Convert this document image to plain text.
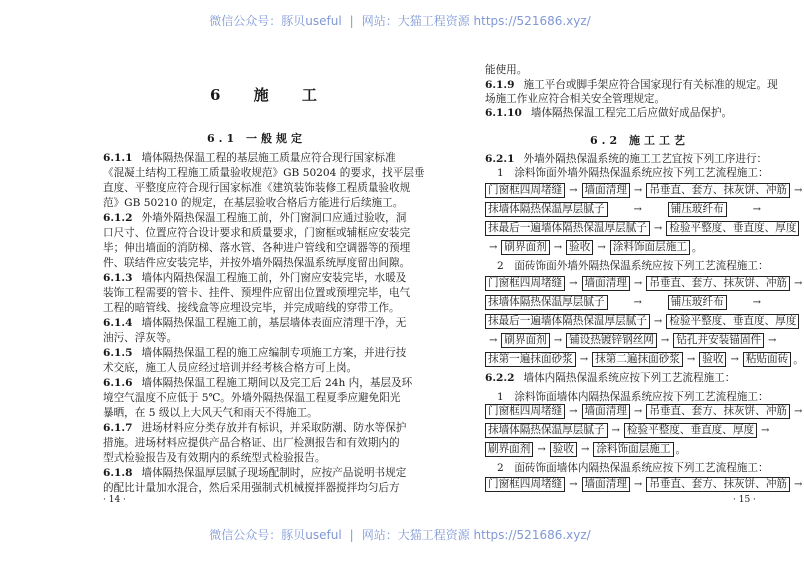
微信公众号：豚贝useful | 网站：大猫工程资源 https://521686.xyz/
微信公众号：豚贝useful | 网站：大猫工程资源 https://521686.xyz/
6 施 工
6.1 一般规定
6.1.1 墙体隔热保温工程的基层施工质量应符合现行国家标准
《混凝土结构工程施工质量验收规范》GB 50204 的要求，找平层垂
直度、平整度应符合现行国家标准《建筑装饰装修工程质量验收规
范》GB 50210 的规定，在基层验收合格后方能进行后续施工。
6.1.2 外墙外隔热保温工程施工前，外门窗洞口应通过验收，洞
口尺寸、位置应符合设计要求和质量要求，门窗框或辅框应安装完
毕；伸出墙面的消防梯、落水管、各种进户管线和空调器等的预埋
件、联结件应安装完毕，并按外墙外隔热保温系统厚度留出间隙。
6.1.3 墙体内隔热保温工程施工前，外门窗应安装完毕，水暖及
装饰工程需要的管卡、挂件、预埋件应留出位置或预埋完毕，电气
工程的暗管线、接线盒等应埋设完毕，并完成暗线的穿带工作。
6.1.4 墙体隔热保温工程施工前，基层墙体表面应清理干净，无
油污、浮灰等。
6.1.5 墙体隔热保温工程的施工应编制专项施工方案，并进行技
术交底，施工人员应经过培训并经考核合格方可上岗。
6.1.6 墙体隔热保温工程施工期间以及完工后 24h 内，基层及环
境空气温度不应低于 5℃。外墙外隔热保温工程夏季应避免阳光
暴晒，在 5 级以上大风天气和雨天不得施工。
6.1.7 进场材料应分类存放并有标识，并采取防潮、防水等保护
措施。进场材料应提供产品合格证、出厂检测报告和有效期内的
型式检验报告及有效期内的系统型式检验报告。
6.1.8 墙体隔热保温厚层腻子现场配制时，应按产品说明书规定
的配比计量加水混合，然后采用强制式机械搅拌器搅拌均匀后方
· 14 ·
能使用。
6.1.9 施工平台或脚手架应符合国家现行有关标准的规定。现
场施工作业应符合相关安全管理规定。
6.1.10 墙体隔热保温工程完工后应做好成品保护。
6.2 施工工艺
6.2.1 外墙外隔热保温系统的施工工艺宜按下列工序进行：
1　涂料饰面外墙外隔热保温系统应按下列工艺流程施工：
门窗框四周堵缝 → 墙面清理 → 吊垂直、套方、抹灰饼、冲筋 →
抹墙体隔热保温厚层腻子	→	铺压玻纤布	→
抹最后一遍墙体隔热保温厚层腻子 → 检验平整度、垂直度、厚度
→ 刷界面剂 → 验收 → 涂料饰面层施工 。
2　面砖饰面外墙外隔热保温系统应按下列工艺流程施工：
门窗框四周堵缝 → 墙面清理 → 吊垂直、套方、抹灰饼、冲筋 →
抹墙体隔热保温厚层腻子	→	铺压玻纤布	→
抹最后一遍墙体隔热保温厚层腻子 → 检验平整度、垂直度、厚度
→ 刷界面剂 → 铺设热镀锌钢丝网 → 钻孔并安装锚固件 →
抹第一遍抹面砂浆 → 抹第二遍抹面砂浆 → 验收 → 粘贴面砖 。
6.2.2 墙体内隔热保温系统应按下列工艺流程施工：
1　涂料饰面墙体内隔热保温系统应按下列工艺流程施工：
门窗框四周堵缝 → 墙面清理 → 吊垂直、套方、抹灰饼、冲筋 →
抹墙体隔热保温厚层腻子 → 检验平整度、垂直度、厚度 →
刷界面剂 → 验收 → 涂料饰面层施工 。
2　面砖饰面墙体内隔热保温系统应按下列工艺流程施工：
门窗框四周堵缝 → 墙面清理 → 吊垂直、套方、抹灰饼、冲筋 →
· 15 ·
